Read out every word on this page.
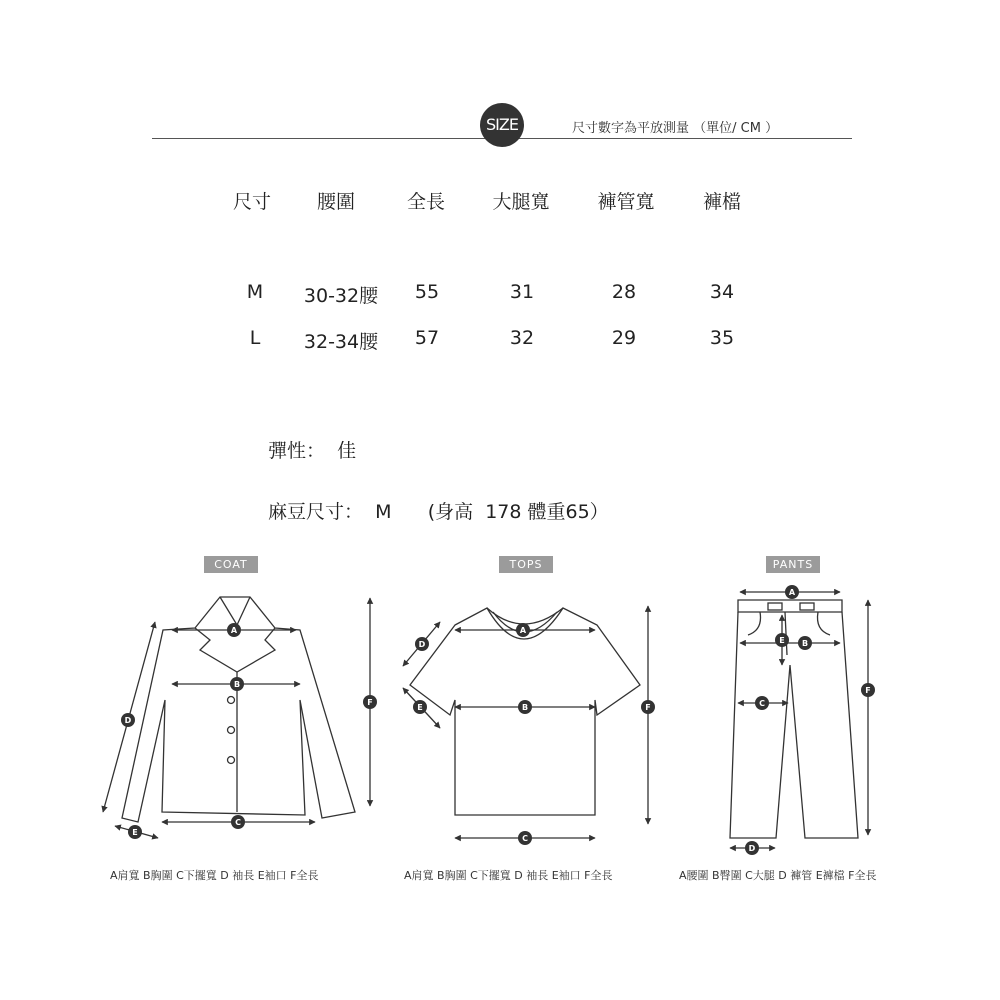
SIZE	尺寸數字為平放測量 （單位/ CM ）
尺寸	腰圍	全長	大腿寬	褲管寬	褲檔
M	30-32腰	55	31	28	34
L	32-34腰	57	32	29	35
彈性：  佳
麻豆尺寸：  M      (身高  178 體重65）
COAT	TOPS	PANTS
A
B
C
D
E
F
A
B
C
D
E	F
A
B
C
D
E
F
A肩寬 B胸圍 C下擺寬 D 袖長 E袖口 F全長	A肩寬 B胸圍 C下擺寬 D 袖長 E袖口 F全長	A腰圍 B臀圍 C大腿 D 褲管 E褲檔 F全長
